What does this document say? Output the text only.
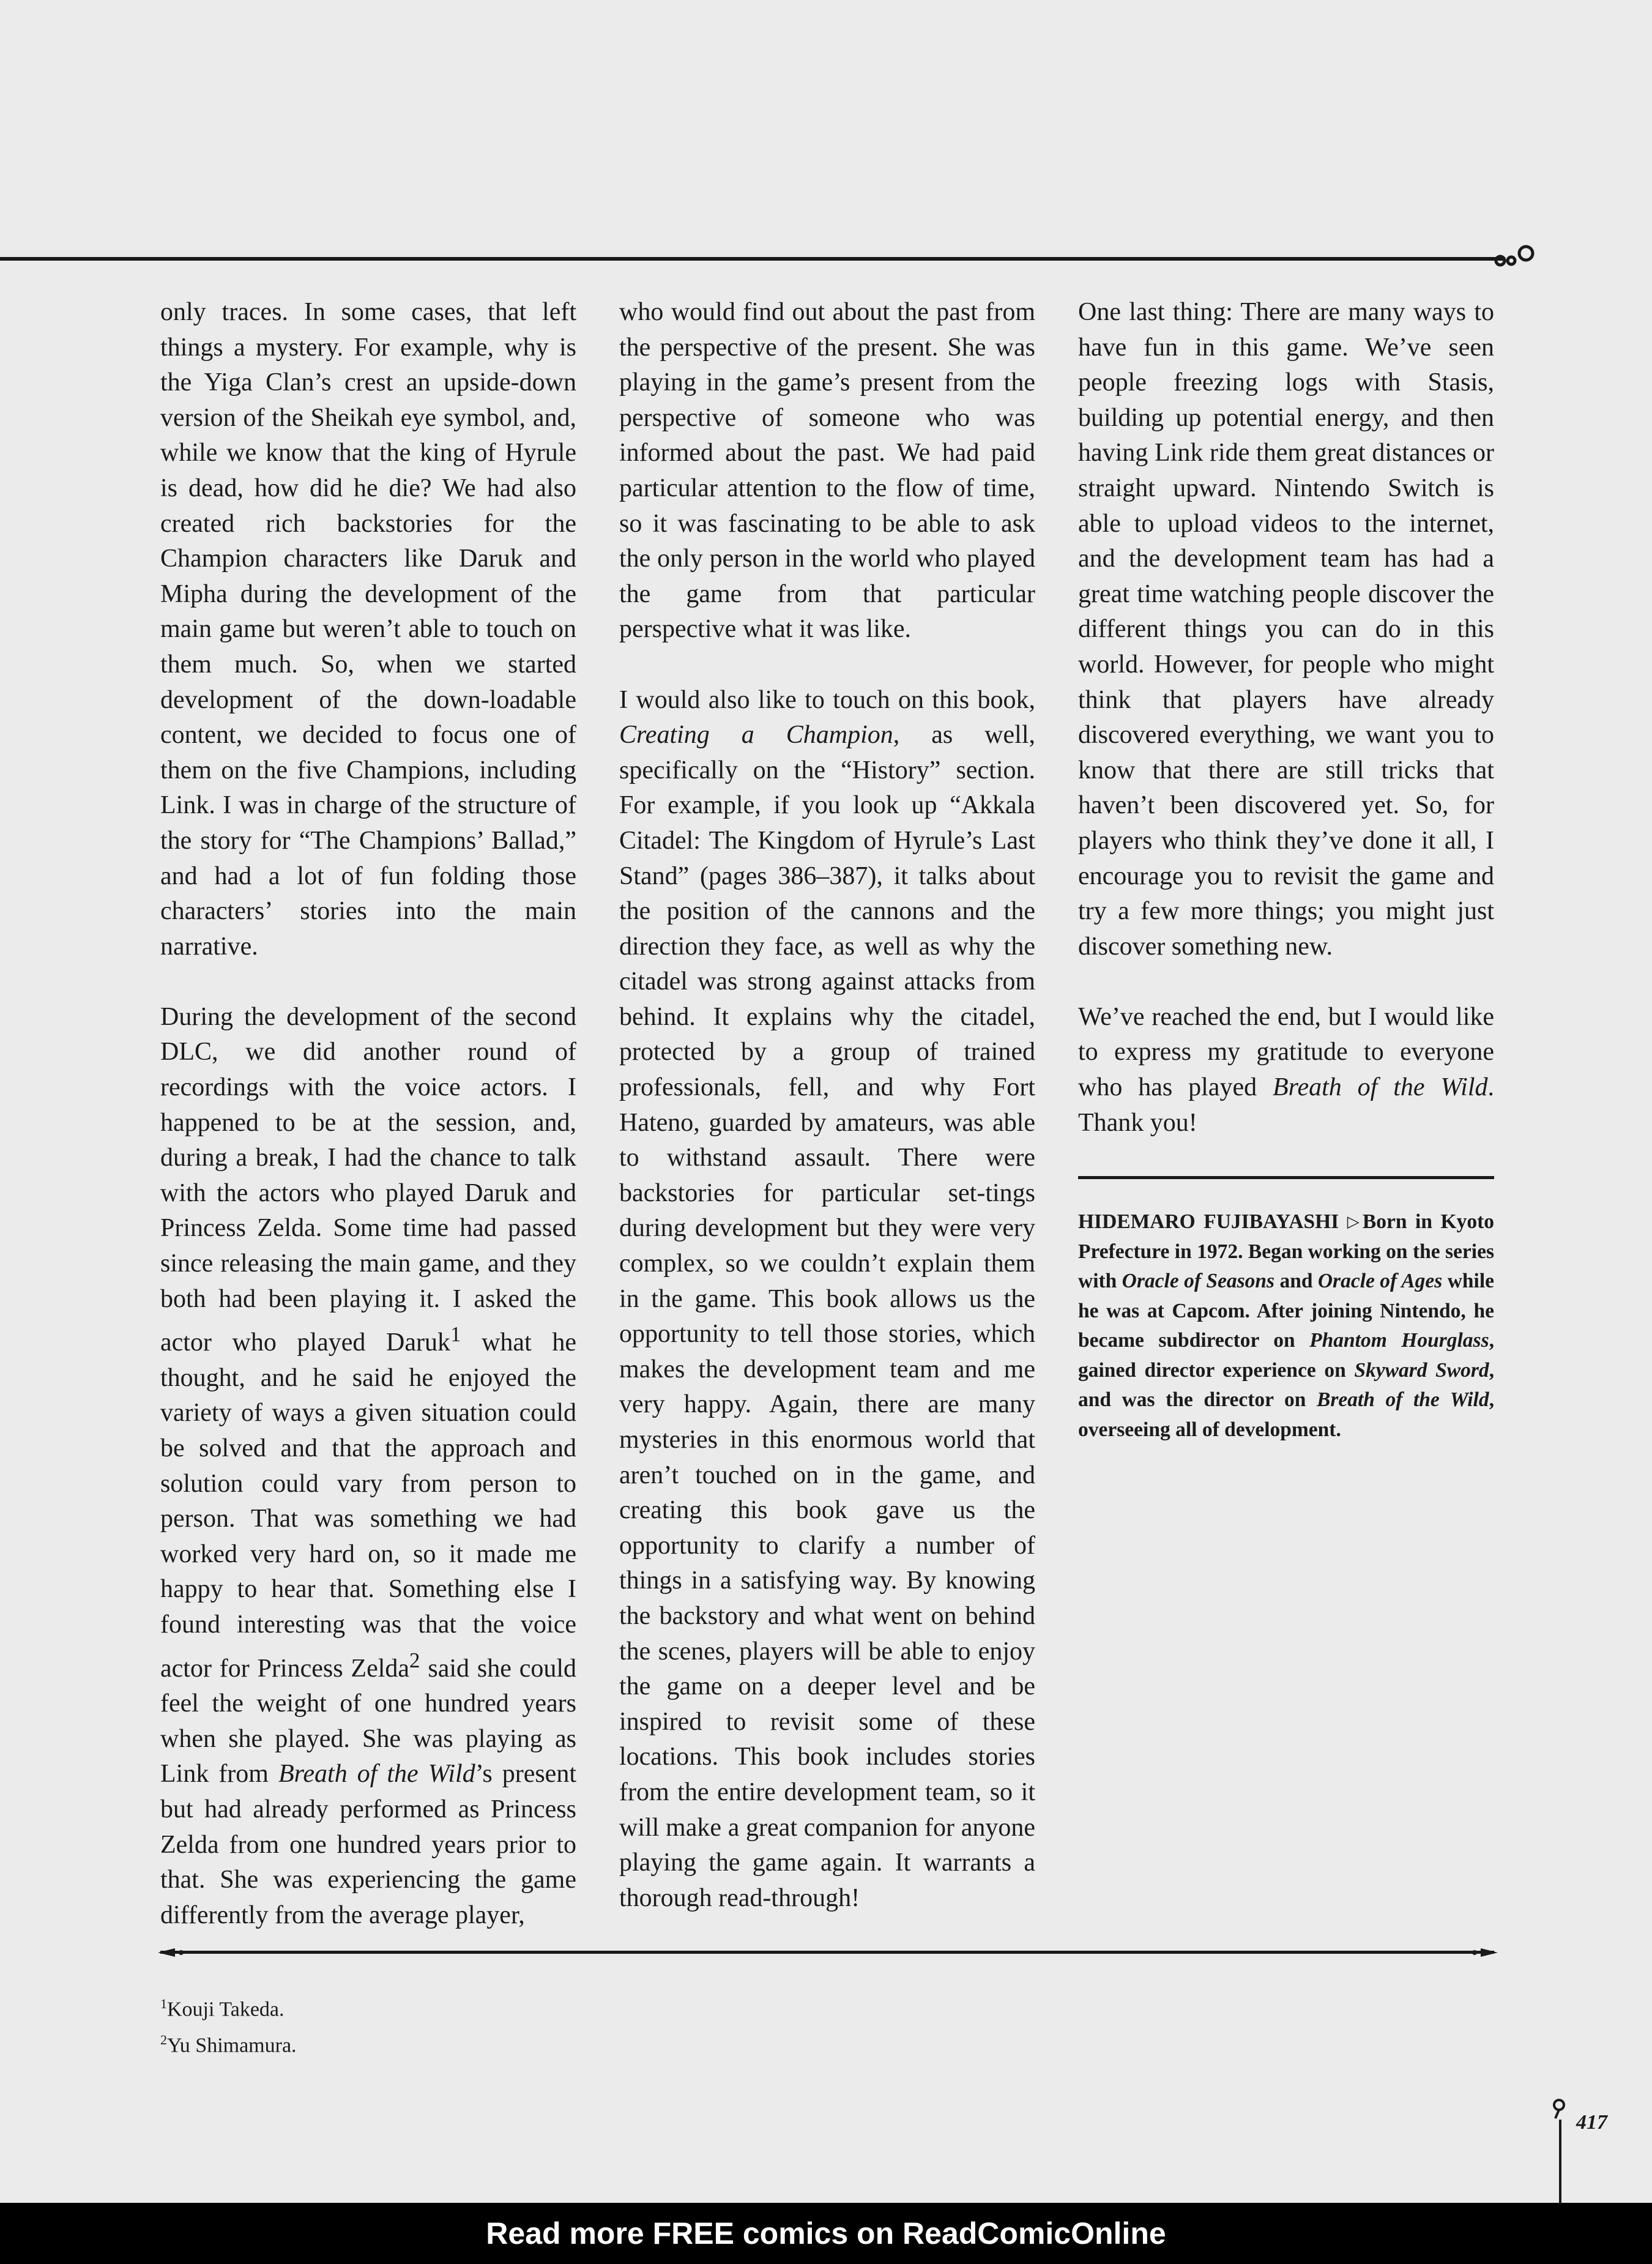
only traces. In some cases, that left things a mystery. For example, why is the Yiga Clan’s crest an upside-down version of the Sheikah eye symbol, and, while we know that the king of Hyrule is dead, how did he die? We had also created rich backstories for the Champion characters like Daruk and Mipha during the development of the main game but weren’t able to touch on them much. So, when we started development of the down-loadable content, we decided to focus one of them on the five Champions, including Link. I was in charge of the structure of the story for “The Champions’ Ballad,” and had a lot of fun folding those characters’ stories into the main narrative.

During the development of the second DLC, we did another round of recordings with the voice actors. I happened to be at the session, and, during a break, I had the chance to talk with the actors who played Daruk and Princess Zelda. Some time had passed since releasing the main game, and they both had been playing it. I asked the actor who played Daruk$^1$ what he thought, and he said he enjoyed the variety of ways a given situation could be solved and that the approach and solution could vary from person to person. That was something we had worked very hard on, so it made me happy to hear that. Something else I found interesting was that the voice actor for Princess Zelda$^2$ said she could feel the weight of one hundred years when she played. She was playing as Link from Breath of the Wild’s present but had already performed as Princess Zelda from one hundred years prior to that. She was experiencing the game differently from the average player,

who would find out about the past from the perspective of the present. She was playing in the game’s present from the perspective of someone who was informed about the past. We had paid particular attention to the flow of time, so it was fascinating to be able to ask the only person in the world who played the game from that particular perspective what it was like.

I would also like to touch on this book, Creating a Champion, as well, specifically on the “History” section. For example, if you look up “Akkala Citadel: The Kingdom of Hyrule’s Last Stand” (pages 386–387), it talks about the position of the cannons and the direction they face, as well as why the citadel was strong against attacks from behind. It explains why the citadel, protected by a group of trained professionals, fell, and why Fort Hateno, guarded by amateurs, was able to withstand assault. There were backstories for particular set-tings during development but they were very complex, so we couldn’t explain them in the game. This book allows us the opportunity to tell those stories, which makes the development team and me very happy. Again, there are many mysteries in this enormous world that aren’t touched on in the game, and creating this book gave us the opportunity to clarify a number of things in a satisfying way. By knowing the backstory and what went on behind the scenes, players will be able to enjoy the game on a deeper level and be inspired to revisit some of these locations. This book includes stories from the entire development team, so it will make a great companion for anyone playing the game again. It warrants a thorough read-through!

One last thing: There are many ways to have fun in this game. We’ve seen people freezing logs with Stasis, building up potential energy, and then having Link ride them great distances or straight upward. Nintendo Switch is able to upload videos to the internet, and the development team has had a great time watching people discover the different things you can do in this world. However, for people who might think that players have already discovered everything, we want you to know that there are still tricks that haven’t been discovered yet. So, for players who think they’ve done it all, I encourage you to revisit the game and try a few more things; you might just discover something new.

We’ve reached the end, but I would like to express my gratitude to everyone who has played Breath of the Wild. Thank you!

HIDEMARO FUJIBAYASHI ▷Born in Kyoto Prefecture in 1972. Began working on the series with Oracle of Seasons and Oracle of Ages while he was at Capcom. After joining Nintendo, he became subdirector on Phantom Hourglass, gained director experience on Skyward Sword, and was the director on Breath of the Wild, overseeing all of development.
$^1$Kouji Takeda.
$^2$Yu Shimamura.
417
Read more FREE comics on ReadComicOnline
